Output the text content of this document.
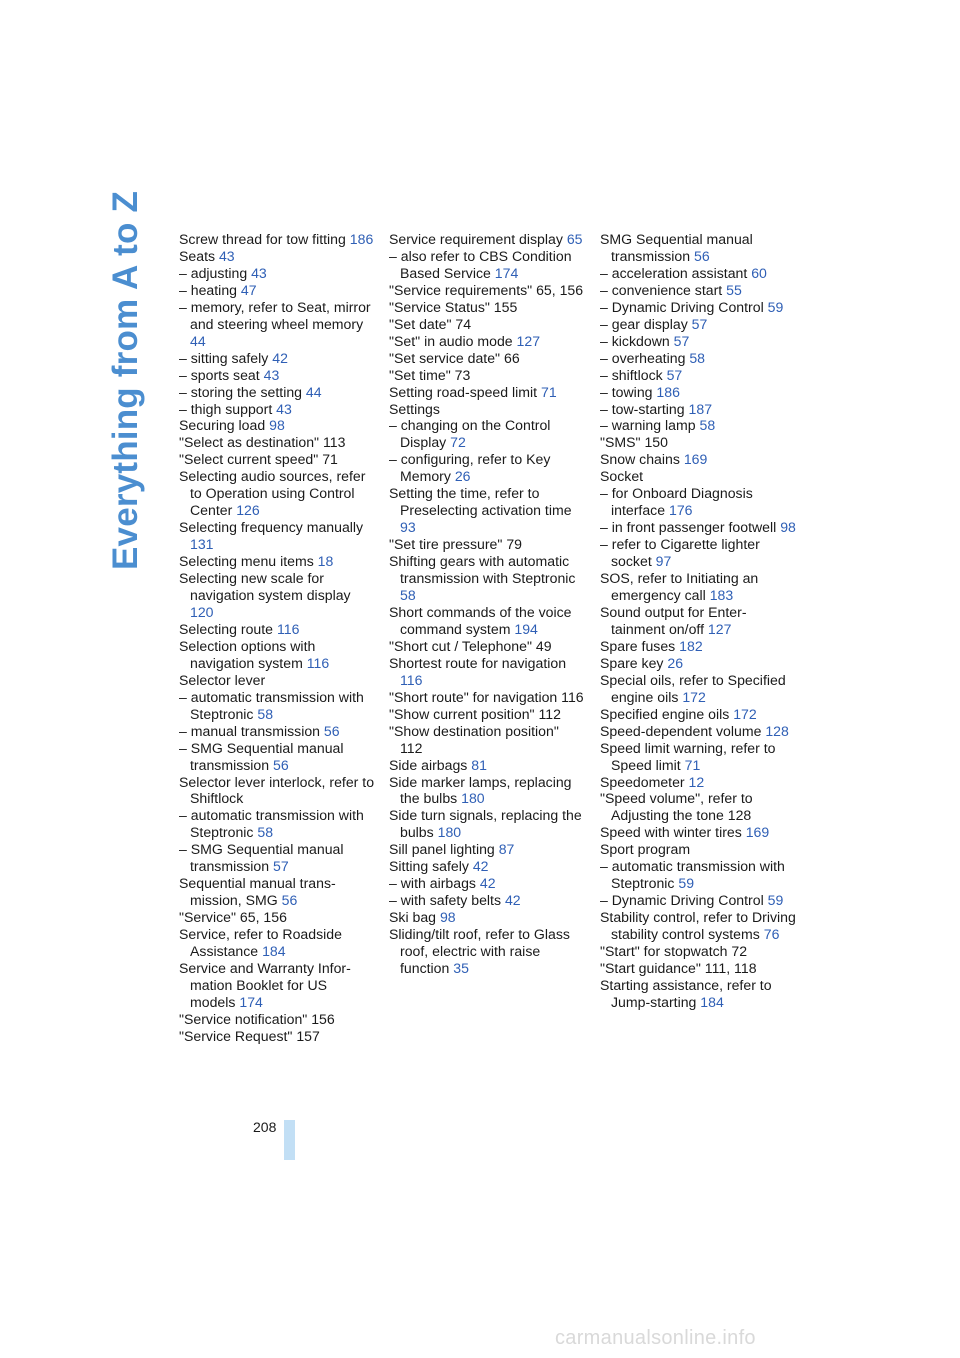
Everything from A to Z Screw thread for tow fitting 186
Seats 43
– adjusting 43
– heating 47
– memory, refer to Seat, mirror and steering wheel memory 44
– sitting safely 42
– sports seat 43
– storing the setting 44
– thigh support 43
Securing load 98
"Select as destination" 113
"Select current speed" 71
Selecting audio sources, refer to Operation using Control Center 126
Selecting frequency manually 131
Selecting menu items 18
Selecting new scale for navigation system display 120
Selecting route 116
Selection options with navigation system 116
Selector lever
– automatic transmission with Steptronic 58
– manual transmission 56
– SMG Sequential manual transmission 56
Selector lever interlock, refer to Shiftlock
– automatic transmission with Steptronic 58
– SMG Sequential manual transmission 57
Sequential manual trans- mission, SMG 56
"Service" 65, 156
Service, refer to Roadside Assistance 184
Service and Warranty Infor- mation Booklet for US models 174
"Service notification" 156
"Service Request" 157
Service requirement display 65
– also refer to CBS Condition Based Service 174
"Service requirements" 65, 156
"Service Status" 155
"Set date" 74
"Set" in audio mode 127
"Set service date" 66
"Set time" 73
Setting road-speed limit 71
Settings
– changing on the Control Display 72
– configuring, refer to Key Memory 26
Setting the time, refer to Preselecting activation time 93
"Set tire pressure" 79
Shifting gears with automatic transmission with Steptronic 58
Short commands of the voice command system 194
"Short cut / Telephone" 49
Shortest route for navigation 116
"Short route" for navigation 116
"Show current position" 112
"Show destination position" 112
Side airbags 81
Side marker lamps, replacing the bulbs 180
Side turn signals, replacing the bulbs 180
Sill panel lighting 87
Sitting safely 42
– with airbags 42
– with safety belts 42
Ski bag 98
Sliding/tilt roof, refer to Glass roof, electric with raise function 35
SMG Sequential manual transmission 56
– acceleration assistant 60
– convenience start 55
– Dynamic Driving Control 59
– gear display 57
– kickdown 57
– overheating 58
– shiftlock 57
– towing 186
– tow-starting 187
– warning lamp 58
"SMS" 150
Snow chains 169
Socket
– for Onboard Diagnosis interface 176
– in front passenger footwell 98
– refer to Cigarette lighter socket 97
SOS, refer to Initiating an emergency call 183
Sound output for Enter- tainment on/off 127
Spare fuses 182
Spare key 26
Special oils, refer to Specified engine oils 172
Specified engine oils 172
Speed-dependent volume 128
Speed limit warning, refer to Speed limit 71
Speedometer 12
"Speed volume", refer to Adjusting the tone 128
Speed with winter tires 169
Sport program
– automatic transmission with Steptronic 59
– Dynamic Driving Control 59
Stability control, refer to Driving stability control systems 76
"Start" for stopwatch 72
"Start guidance" 111, 118
Starting assistance, refer to Jump-starting 184
208
carmanualsonline.info
